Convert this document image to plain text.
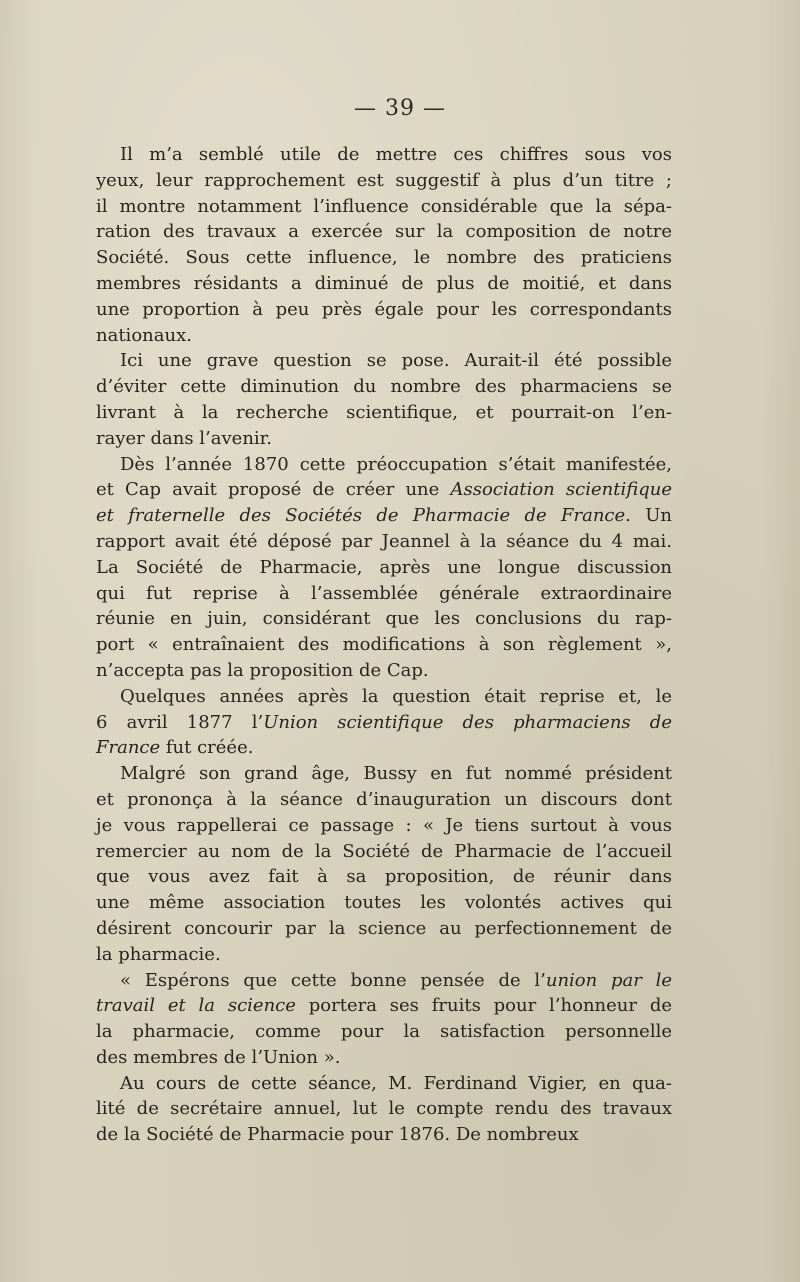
— 39 —
Il m’a semblé utile de mettre ces chiffres sous vos
yeux, leur rapprochement est suggestif à plus d’un titre ;
il montre notamment l’influence considérable que la sépa-
ration des travaux a exercée sur la composition de notre
Société. Sous cette influence, le nombre des praticiens
membres résidants a diminué de plus de moitié, et dans
une proportion à peu près égale pour les correspondants
nationaux.
Ici une grave question se pose. Aurait-il été possible
d’éviter cette diminution du nombre des pharmaciens se
livrant à la recherche scientifique, et pourrait-on l’en-
rayer dans l’avenir.
Dès l’année 1870 cette préoccupation s’était manifestée,
et Cap avait proposé de créer une Association scientifique
et fraternelle des Sociétés de Pharmacie de France. Un
rapport avait été déposé par Jeannel à la séance du 4 mai.
La Société de Pharmacie, après une longue discussion
qui fut reprise à l’assemblée générale extraordinaire
réunie en juin, considérant que les conclusions du rap-
port « entraînaient des modifications à son règlement »,
n’accepta pas la proposition de Cap.
Quelques années après la question était reprise et, le
6 avril 1877 l’Union scientifique des pharmaciens de
France fut créée.
Malgré son grand âge, Bussy en fut nommé président
et prononça à la séance d’inauguration un discours dont
je vous rappellerai ce passage : « Je tiens surtout à vous
remercier au nom de la Société de Pharmacie de l’accueil
que vous avez fait à sa proposition, de réunir dans
une même association toutes les volontés actives qui
désirent concourir par la science au perfectionnement de
la pharmacie.
« Espérons que cette bonne pensée de l’union par le
travail et la science portera ses fruits pour l’honneur de
la pharmacie, comme pour la satisfaction personnelle
des membres de l’Union ».
Au cours de cette séance, M. Ferdinand Vigier, en qua-
lité de secrétaire annuel, lut le compte rendu des travaux
de la Société de Pharmacie pour 1876. De nombreux
